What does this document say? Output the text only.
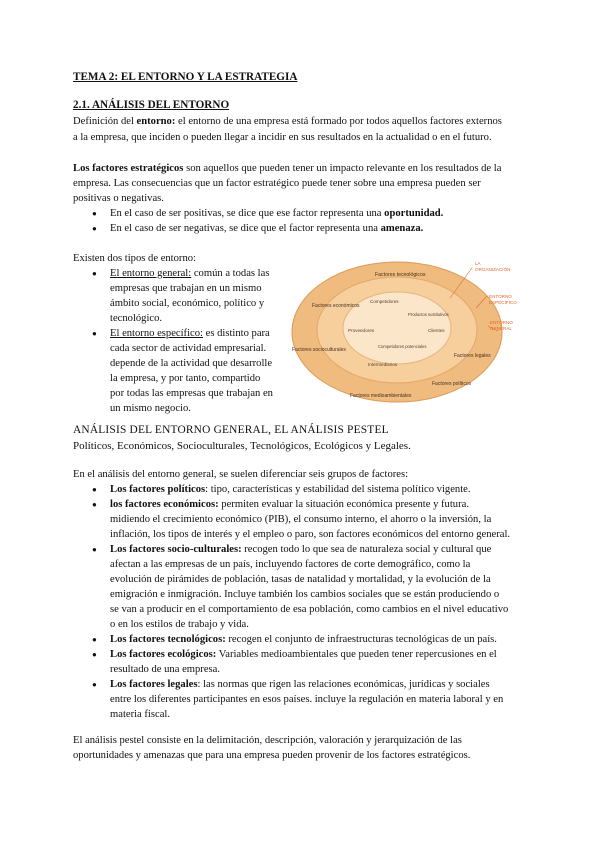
TEMA 2: EL ENTORNO Y LA ESTRATEGIA
2.1. ANÁLISIS DEL ENTORNO
Definición del entorno: el entorno de una empresa está formado por todos aquellos factores externos
a la empresa, que inciden o pueden llegar a incidir en sus resultados en la actualidad o en el futuro.
Los factores estratégicos son aquellos que pueden tener un impacto relevante en los resultados de la
empresa. Las consecuencias que un factor estratégico puede tener sobre una empresa pueden ser
positivas o negativas.
● En el caso de ser positivas, se dice que ese factor representa una oportunidad.
● En el caso de ser negativas, se dice que el factor representa una amenaza.
Existen dos tipos de entorno:
● El entorno general: común a todas las
empresas que trabajan en un mismo
ámbito social, económico, político y
tecnológico.
● El entorno específico: es distinto para
cada sector de actividad empresarial.
depende de la actividad que desarrolle
la empresa, y por tanto, compartido
por todas las empresas que trabajan en
un mismo negocio.
Factores tecnológicos
Factores económicos
Factores socioculturales
Factores medioambientales
Factores políticos
Factores legales
Competidores
Proveedores	Clientes
Intermediarios
Productos sustitutivos
Competidores potenciales
LA
ORGANIZACIÓN
ENTORNO
ESPECÍFICO
ENTORNO
GENERAL
ANÁLISIS DEL ENTORNO GENERAL, EL ANÁLISIS PESTEL
Políticos, Económicos, Socioculturales, Tecnológicos, Ecológicos y Legales.
En el análisis del entorno general, se suelen diferenciar seis grupos de factores:
● Los factores políticos: tipo, características y estabilidad del sistema político vigente.
● los factores económicos: permiten evaluar la situación económica presente y futura.
midiendo el crecimiento económico (PIB), el consumo interno, el ahorro o la inversión, la
inflación, los tipos de interés y el empleo o paro, son factores económicos del entorno general.
● Los factores socio-culturales: recogen todo lo que sea de naturaleza social y cultural que
afectan a las empresas de un país, incluyendo factores de corte demográfico, como la
evolución de pirámides de población, tasas de natalidad y mortalidad, y la evolución de la
emigración e inmigración. Incluye también los cambios sociales que se están produciendo o
se van a producir en el comportamiento de esa población, como cambios en el nivel educativo
o en los estilos de trabajo y vida.
● Los factores tecnológicos: recogen el conjunto de infraestructuras tecnológicas de un país.
● Los factores ecológicos: Variables medioambientales que pueden tener repercusiones en el
resultado de una empresa.
● Los factores legales: las normas que rigen las relaciones económicas, jurídicas y sociales
entre los diferentes participantes en esos países. incluye la regulación en materia laboral y en
materia fiscal.
El análisis pestel consiste en la delimitación, descripción, valoración y jerarquización de las
oportunidades y amenazas que para una empresa pueden provenir de los factores estratégicos.
